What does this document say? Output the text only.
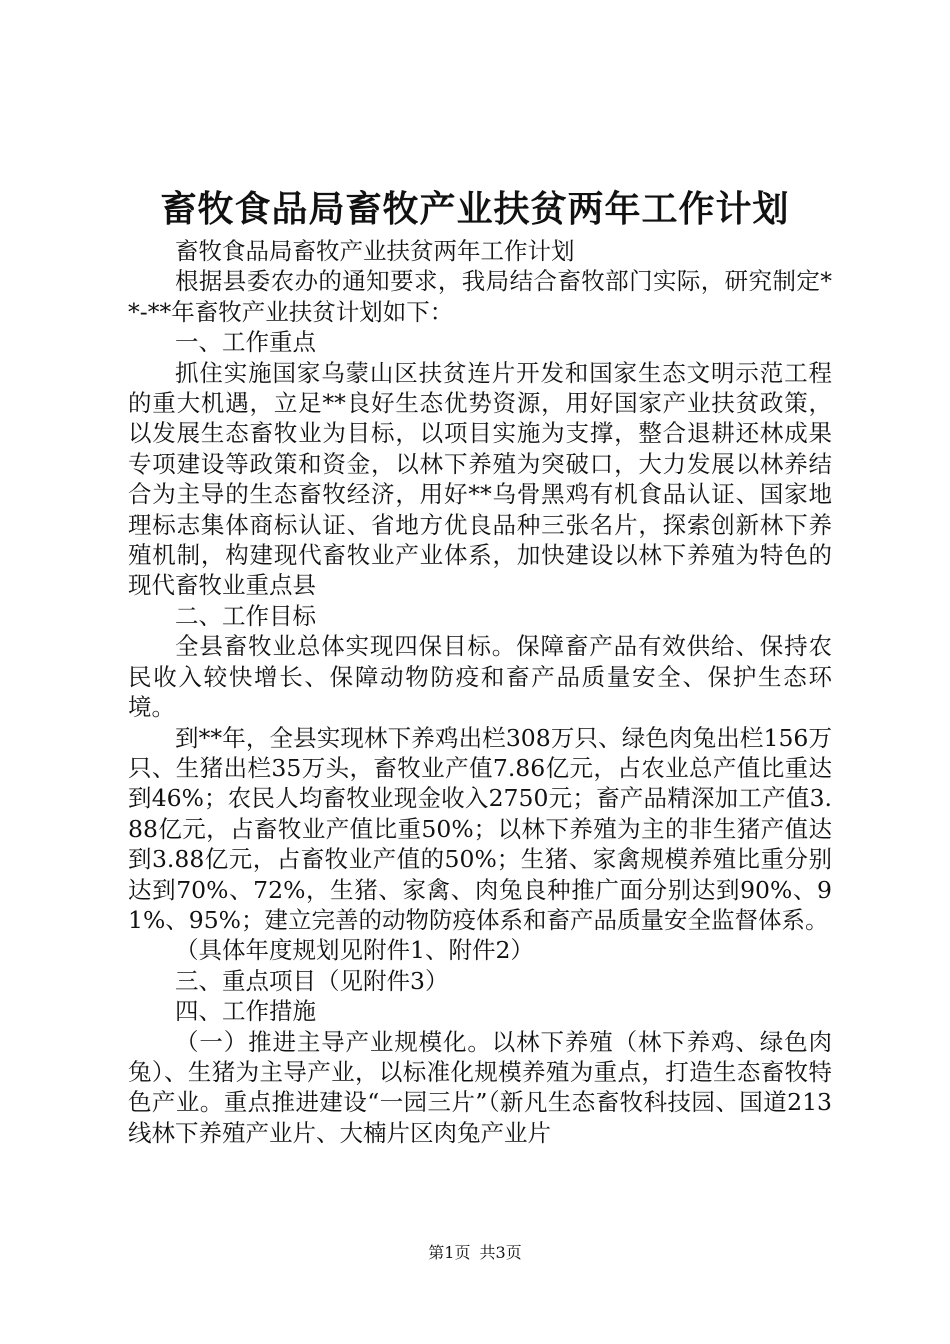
畜牧食品局畜牧产业扶贫两年工作计划

畜牧食品局畜牧产业扶贫两年工作计划

根据县委农办的通知要求，我局结合畜牧部门实际，研究制定**-**年畜牧产业扶贫计划如下：

一、工作重点

抓住实施国家乌蒙山区扶贫连片开发和国家生态文明示范工程的重大机遇，立足**良好生态优势资源，用好国家产业扶贫政策，以发展生态畜牧业为目标，以项目实施为支撑，整合退耕还林成果专项建设等政策和资金，以林下养殖为突破口，大力发展以林养结合为主导的生态畜牧经济，用好**乌骨黑鸡有机食品认证、国家地理标志集体商标认证、省地方优良品种三张名片，探索创新林下养殖机制，构建现代畜牧业产业体系，加快建设以林下养殖为特色的现代畜牧业重点县

二、工作目标

全县畜牧业总体实现四保目标。保障畜产品有效供给、保持农民收入较快增长、保障动物防疫和畜产品质量安全、保护生态环境。

到**年，全县实现林下养鸡出栏308万只、绿色肉兔出栏156万只、生猪出栏35万头，畜牧业产值7.86亿元，占农业总产值比重达到46%；农民人均畜牧业现金收入2750元；畜产品精深加工产值3.88亿元，占畜牧业产值比重50%；以林下养殖为主的非生猪产值达到3.88亿元，占畜牧业产值的50%；生猪、家禽规模养殖比重分别达到70%、72%，生猪、家禽、肉兔良种推广面分别达到90%、91%、95%；建立完善的动物防疫体系和畜产品质量安全监督体系。

（具体年度规划见附件1、附件2）

三、重点项目（见附件3）

四、工作措施

（一）推进主导产业规模化。以林下养殖（林下养鸡、绿色肉兔）、生猪为主导产业，以标准化规模养殖为重点，打造生态畜牧特色产业。重点推进建设“一园三片”（新凡生态畜牧科技园、国道213线林下养殖产业片、大楠片区肉兔产业片

第1页 共3页
